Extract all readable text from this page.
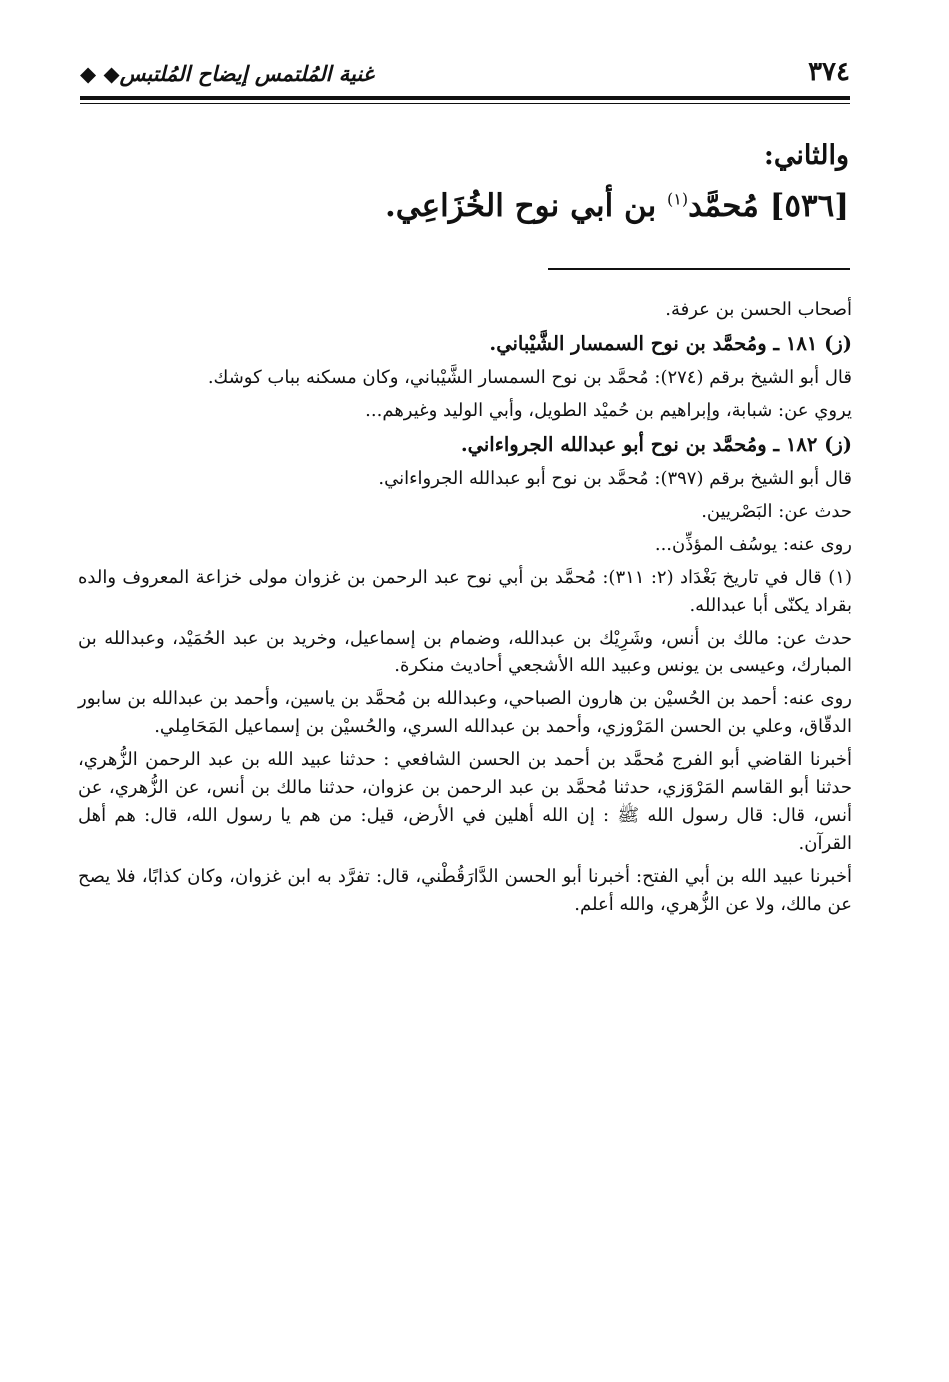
٣٧٤
غنية المُلتمس إيضاح المُلتبس◆ ◆
والثاني:
[٥٣٦] مُحمَّد$^{(١)}$ بن أبي نوح الخُزَاعِي.

أصحاب الحسن بن عرفة.

(ز) ١٨١ ـ ومُحمَّد بن نوح السمسار الشَّيْباني.

قال أبو الشيخ برقم (٢٧٤): مُحمَّد بن نوح السمسار الشَّيْباني، وكان مسكنه بباب كوشك.

يروي عن: شبابة، وإبراهيم بن حُميْد الطويل، وأبي الوليد وغيرهم...

(ز) ١٨٢ ـ ومُحمَّد بن نوح أبو عبدالله الجرواءاني.

قال أبو الشيخ برقم (٣٩٧): مُحمَّد بن نوح أبو عبدالله الجرواءاني.

حدث عن: البَصْريين.

روى عنه: يوسُف المؤذِّن...

(١) قال في تاريخ بَغْدَاد (٢: ٣١١): مُحمَّد بن أبي نوح عبد الرحمن بن غزوان مولى خزاعة المعروف والده بقراد يكنّى أبا عبدالله.

حدث عن: مالك بن أنس، وشَرِيْك بن عبدالله، وضمام بن إسماعيل، وخريد بن عبد الحُمَيْد، وعبدالله بن المبارك، وعيسى بن يونس وعبيد الله الأشجعي أحاديث منكرة.

روى عنه: أحمد بن الحُسيْن بن هارون الصباحي، وعبدالله بن مُحمَّد بن ياسين، وأحمد بن عبدالله بن سابور الدقّاق، وعلي بن الحسن المَرْوزي، وأحمد بن عبدالله السري، والحُسيْن بن إسماعيل المَحَامِلي.

أخبرنا القاضي أبو الفرج مُحمَّد بن أحمد بن الحسن الشافعي : حدثنا عبيد الله بن عبد الرحمن الزُّهري، حدثنا أبو القاسم المَرْوَزي، حدثنا مُحمَّد بن عبد الرحمن بن عزوان، حدثنا مالك بن أنس، عن الزُّهري، عن أنس، قال: قال رسول الله ﷺ : إن الله أهلين في الأرض، قيل: من هم يا رسول الله، قال: هم أهل القرآن.

أخبرنا عبيد الله بن أبي الفتح: أخبرنا أبو الحسن الدَّارَقُطْني، قال: تفرَّد به ابن غزوان، وكان كذابًا، فلا يصح عن مالك، ولا عن الزُّهري، والله أعلم.
